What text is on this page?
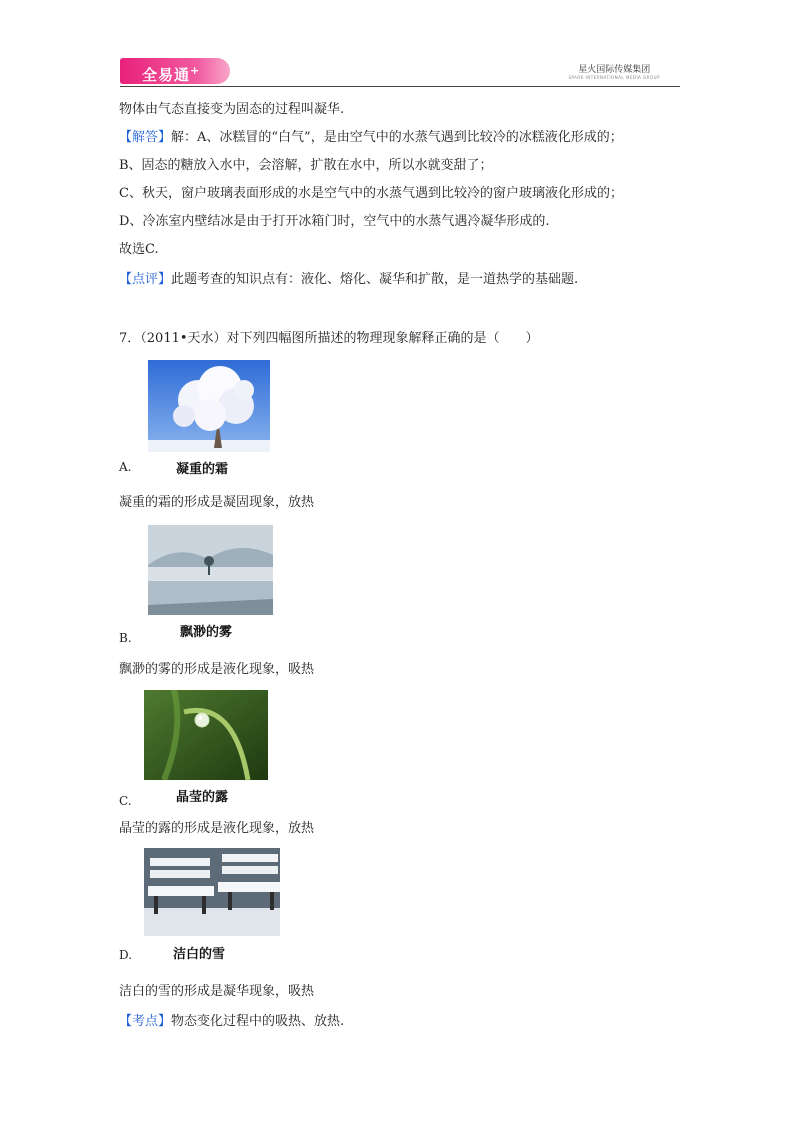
全易通+	星火国际传媒集团
SPARK INTERNATIONAL MEDIA GROUP
物体由气态直接变为固态的过程叫凝华.
【解答】解：A、冰糕冒的“白气”，是由空气中的水蒸气遇到比较冷的冰糕液化形成的；
B、固态的糖放入水中，会溶解，扩散在水中，所以水就变甜了；
C、秋天，窗户玻璃表面形成的水是空气中的水蒸气遇到比较冷的窗户玻璃液化形成的；
D、冷冻室内壁结冰是由于打开冰箱门时，空气中的水蒸气遇冷凝华形成的.
故选C.
【点评】此题考查的知识点有：液化、熔化、凝华和扩散，是一道热学的基础题.
7．（2011•天水）对下列四幅图所描述的物理现象解释正确的是（　　）
A.	凝重的霜
凝重的霜的形成是凝固现象，放热
B.	飘渺的雾
飘渺的雾的形成是液化现象，吸热
C.	晶莹的露
晶莹的露的形成是液化现象，放热
D.	洁白的雪
洁白的雪的形成是凝华现象，吸热
【考点】物态变化过程中的吸热、放热.
